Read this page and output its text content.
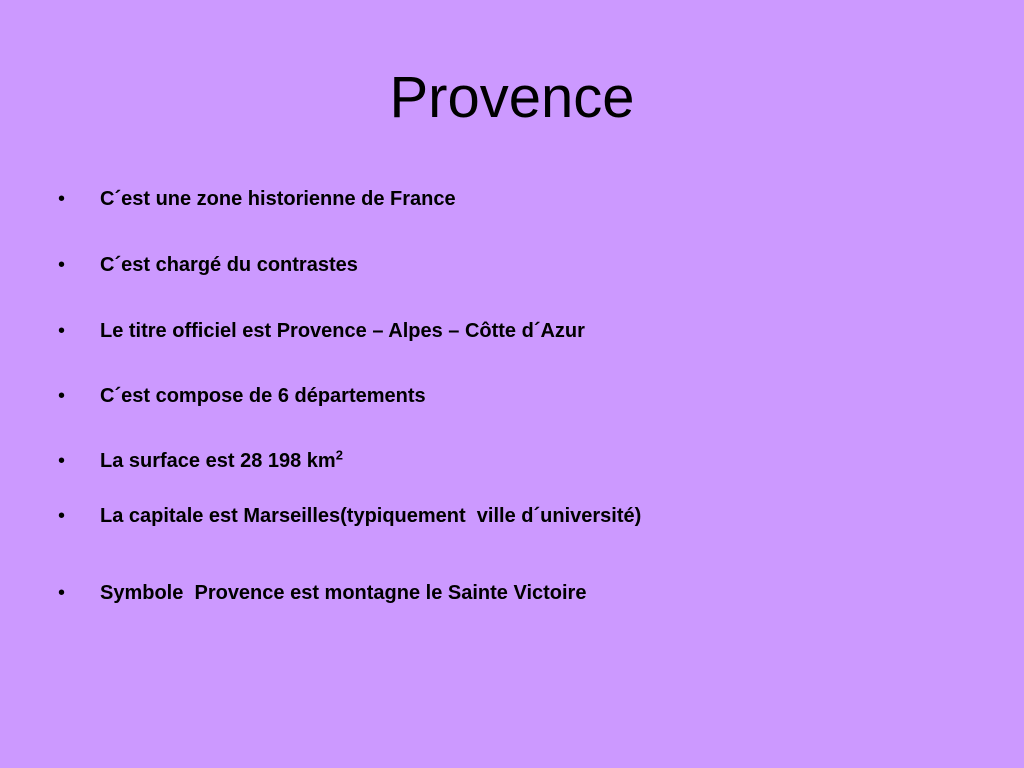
Provence

•

C´est une zone historienne de France

•

C´est chargé du contrastes

•

Le titre officiel est Provence – Alpes – Côtte d´Azur

•

C´est compose de 6 départements

•

La surface est 28 198 $km^2$

•

La capitale est Marseilles(typiquement  ville d´université)

•

Symbole  Provence est montagne le Sainte Victoire
